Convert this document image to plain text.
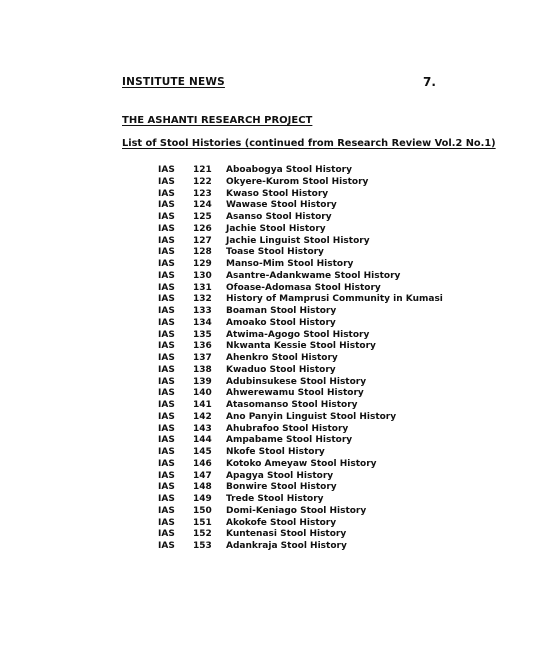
INSTITUTE NEWS	7.
THE ASHANTI RESEARCH PROJECT
List of Stool Histories (continued from Research Review Vol.2 No.1)
IAS 121 Aboabogya Stool History
IAS 122 Okyere-Kurom Stool History
IAS 123 Kwaso Stool History
IAS 124 Wawase Stool History
IAS 125 Asanso Stool History
IAS 126 Jachie Stool History
IAS 127 Jachie Linguist Stool History
IAS 128 Toase Stool History
IAS 129 Manso-Mim Stool History
IAS 130 Asantre-Adankwame Stool History
IAS 131 Ofoase-Adomasa Stool History
IAS 132 History of Mamprusi Community in Kumasi
IAS 133 Boaman Stool History
IAS 134 Amoako Stool History
IAS 135 Atwima-Agogo Stool History
IAS 136 Nkwanta Kessie Stool History
IAS 137 Ahenkro Stool History
IAS 138 Kwaduo Stool History
IAS 139 Adubinsukese Stool History
IAS 140 Ahwerewamu Stool History
IAS 141 Atasomanso Stool History
IAS 142 Ano Panyin Linguist Stool History
IAS 143 Ahubrafoo Stool History
IAS 144 Ampabame Stool History
IAS 145 Nkofe Stool History
IAS 146 Kotoko Ameyaw Stool History
IAS 147 Apagya Stool History
IAS 148 Bonwire Stool History
IAS 149 Trede Stool History
IAS 150 Domi-Keniago Stool History
IAS 151 Akokofe Stool History
IAS 152 Kuntenasi Stool History
IAS 153 Adankraja Stool History
